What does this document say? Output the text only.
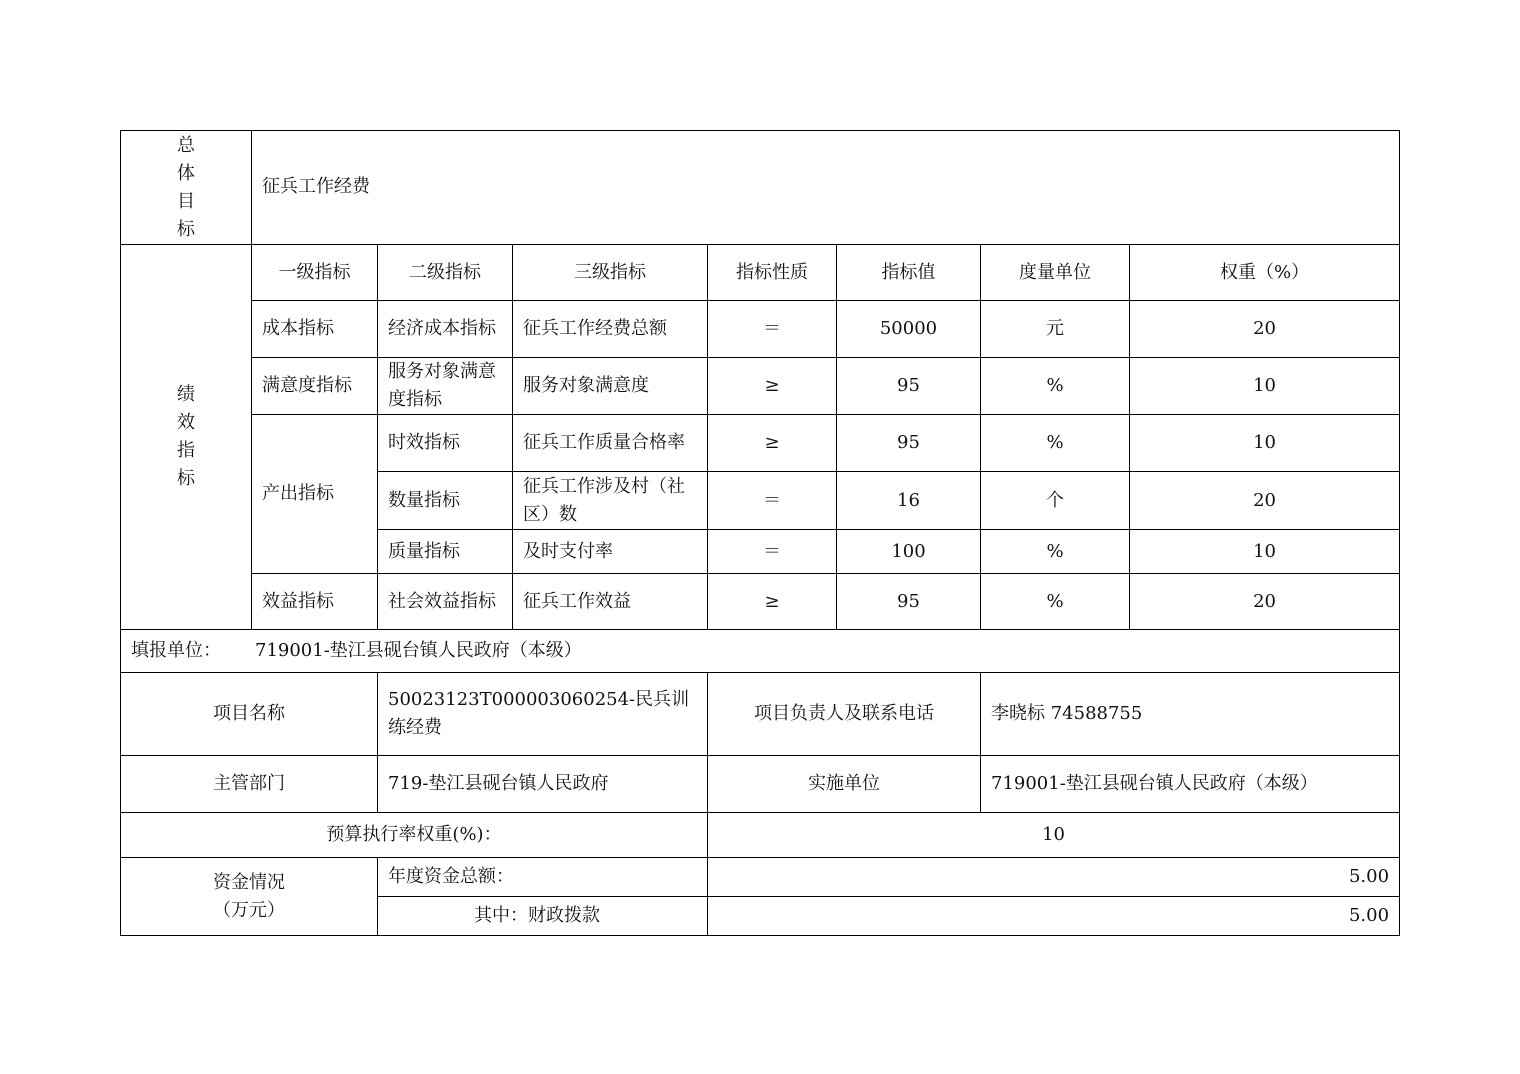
总
体
目
标	征兵工作经费						

绩
效
指
标	一级指标	二级指标	三级指标	指标性质	指标值	度量单位	权重（%）
	成本指标	经济成本指标	征兵工作经费总额	＝	50000	元	20
	满意度指标	服务对象满意度指标	服务对象满意度	≥	95	%	10
	产出指标	时效指标	征兵工作质量合格率	≥	95	%	10
		数量指标	征兵工作涉及村（社区）数	＝	16	个	20
		质量指标	及时支付率	＝	100	%	10
	效益指标	社会效益指标	征兵工作效益	≥	95	%	20
填报单位： 719001-垫江县砚台镇人民政府（本级）			
项目名称	50023123T000003060254-民兵训练经费	项目负责人及联系电话	李晓标 74588755
主管部门	719-垫江县砚台镇人民政府	实施单位	719001-垫江县砚台镇人民政府（本级）
预算执行率权重(%)：		10	

资金情况
（万元）	年度资金总额：	5.00	
	其中：财政拨款	5.00	
